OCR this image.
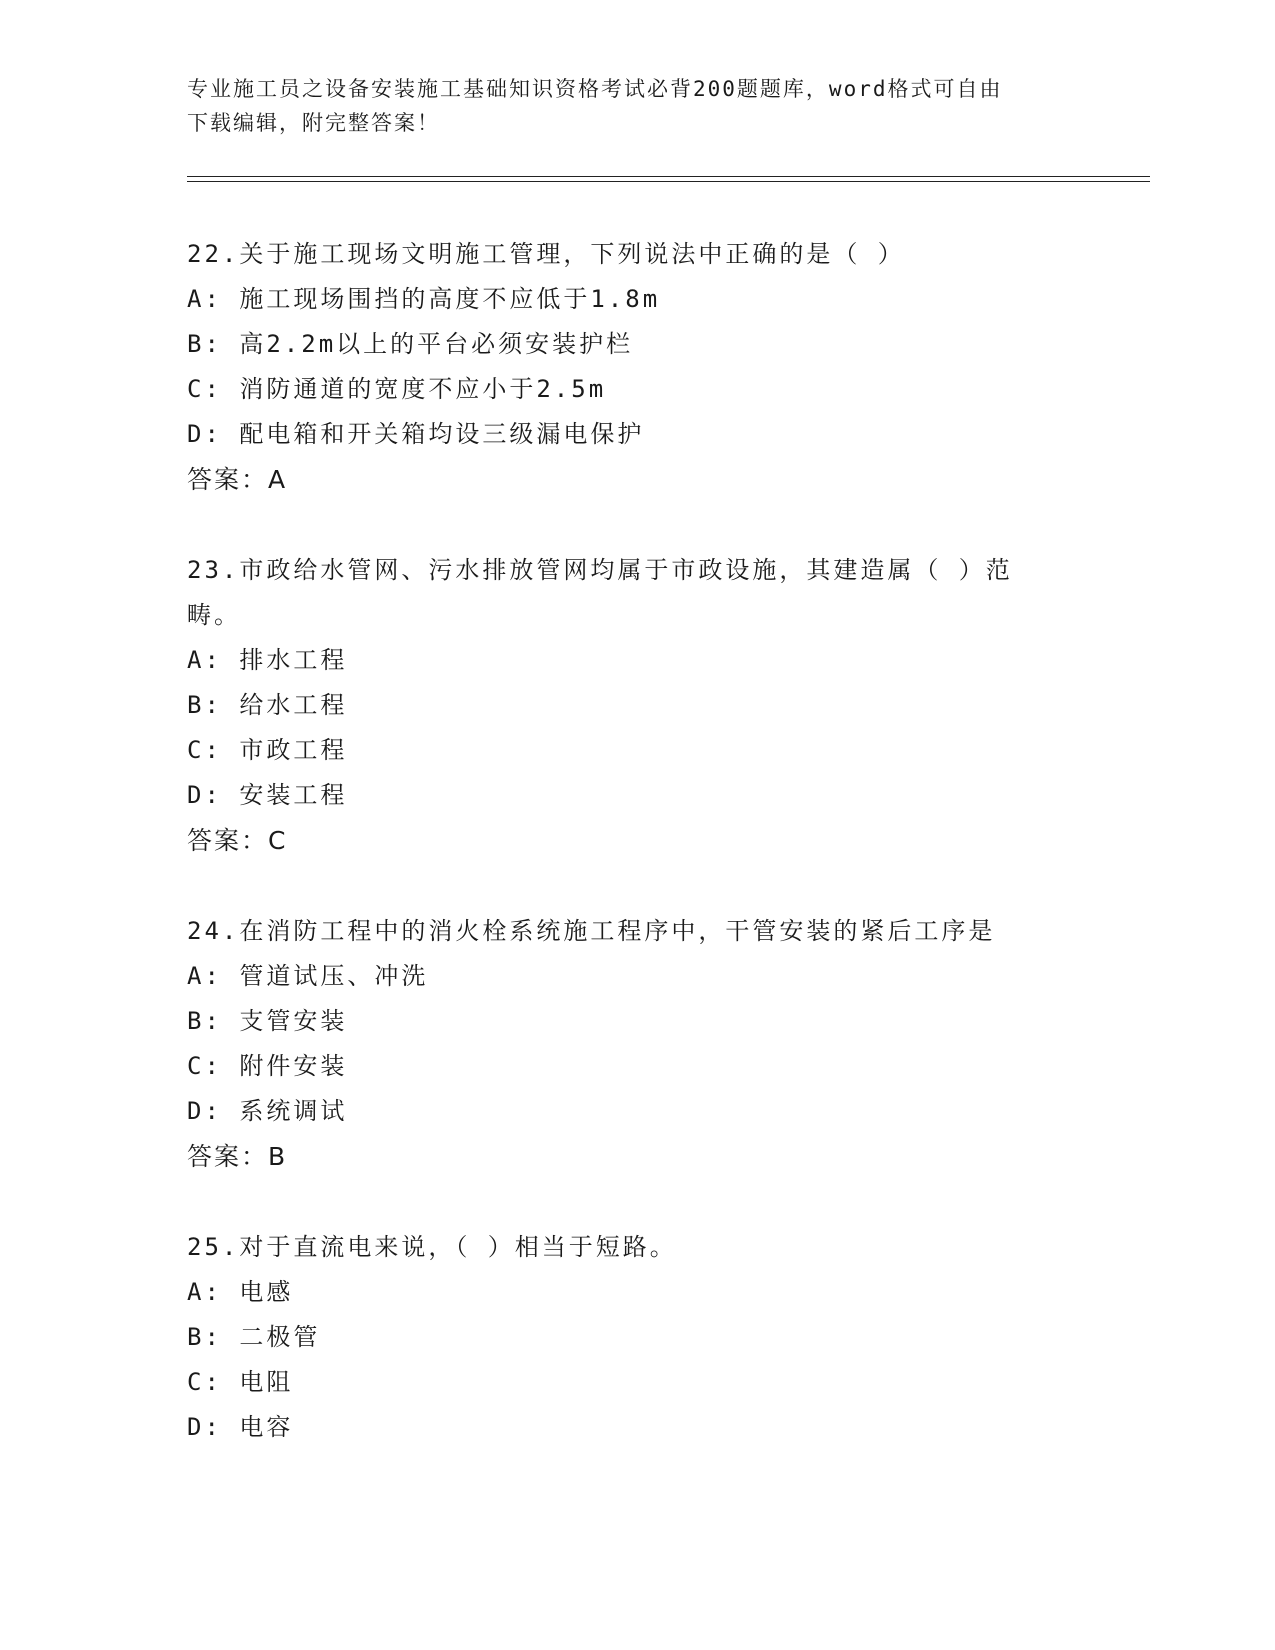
专业施工员之设备安装施工基础知识资格考试必背200题题库，word格式可自由
下载编辑，附完整答案！

22.关于施工现场文明施工管理，下列说法中正确的是（ ）

A: 施工现场围挡的高度不应低于1.8m

B: 高2.2m以上的平台必须安装护栏

C: 消防通道的宽度不应小于2.5m

D: 配电箱和开关箱均设三级漏电保护

答案：A

23.市政给水管网、污水排放管网均属于市政设施，其建造属（ ）范

畴。

A: 排水工程

B: 给水工程

C: 市政工程

D: 安装工程

答案：C

24.在消防工程中的消火栓系统施工程序中，干管安装的紧后工序是

A: 管道试压、冲洗

B: 支管安装

C: 附件安装

D: 系统调试

答案：B

25.对于直流电来说，（ ）相当于短路。

A: 电感

B: 二极管

C: 电阻

D: 电容
